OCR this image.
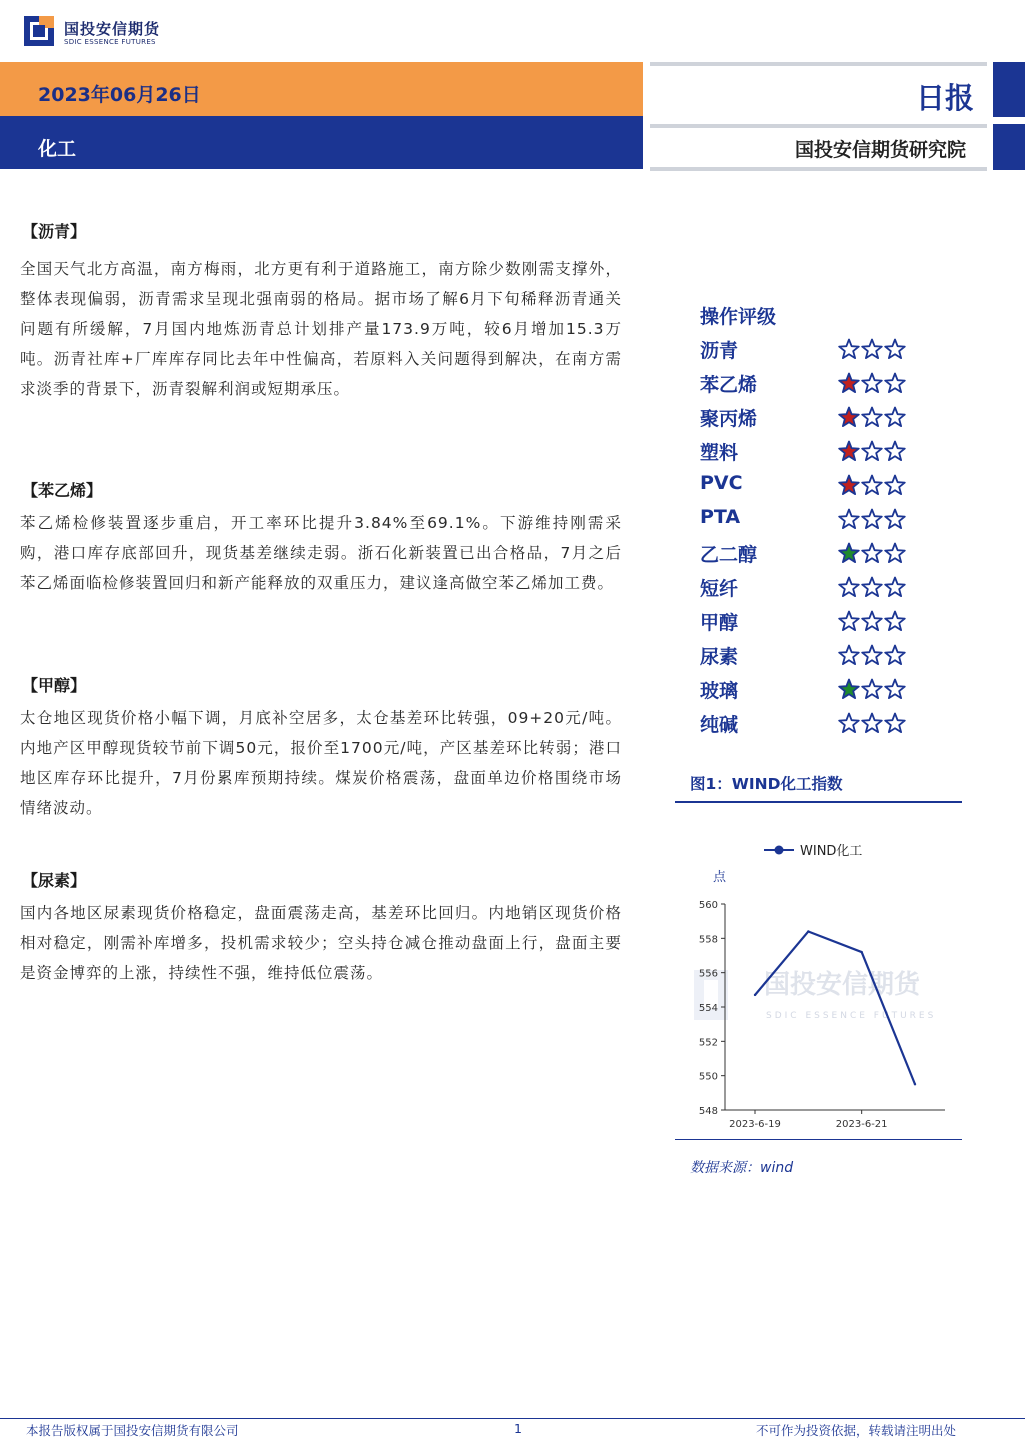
国投安信期货
SDIC ESSENCE FUTURES
2023年06月26日
化工
日报
国投安信期货研究院
【沥青】
全国天气北方高温，南方梅雨，北方更有利于道路施工，南方除少数刚需支撑外，整体表现偏弱，沥青需求呈现北强南弱的格局。据市场了解6月下旬稀释沥青通关问题有所缓解，7月国内地炼沥青总计划排产量173.9万吨，较6月增加15.3万吨。沥青社库+厂库库存同比去年中性偏高，若原料入关问题得到解决，在南方需求淡季的背景下，沥青裂解利润或短期承压。
【苯乙烯】
苯乙烯检修装置逐步重启，开工率环比提升3.84%至69.1%。下游维持刚需采购，港口库存底部回升，现货基差继续走弱。浙石化新装置已出合格品，7月之后苯乙烯面临检修装置回归和新产能释放的双重压力，建议逢高做空苯乙烯加工费。
【甲醇】
太仓地区现货价格小幅下调，月底补空居多，太仓基差环比转强，09+20元/吨。内地产区甲醇现货较节前下调50元，报价至1700元/吨，产区基差环比转弱；港口地区库存环比提升，7月份累库预期持续。煤炭价格震荡，盘面单边价格围绕市场情绪波动。
【尿素】
国内各地区尿素现货价格稳定，盘面震荡走高，基差环比回归。内地销区现货价格相对稳定，刚需补库增多，投机需求较少；空头持仓减仓推动盘面上行，盘面主要是资金博弈的上涨，持续性不强，维持低位震荡。
操作评级
沥青
苯乙烯
聚丙烯
塑料
PVC
PTA
乙二醇
短纤
甲醇
尿素
玻璃
纯碱
图1：WIND化工指数
国投安信期货
SDIC ESSENCE FUTURES
WIND化工
点
548
550
552
554
556
558
560
2023-6-19	2023-6-21
数据来源：wind
本报告版权属于国投安信期货有限公司	1	不可作为投资依据，转载请注明出处
